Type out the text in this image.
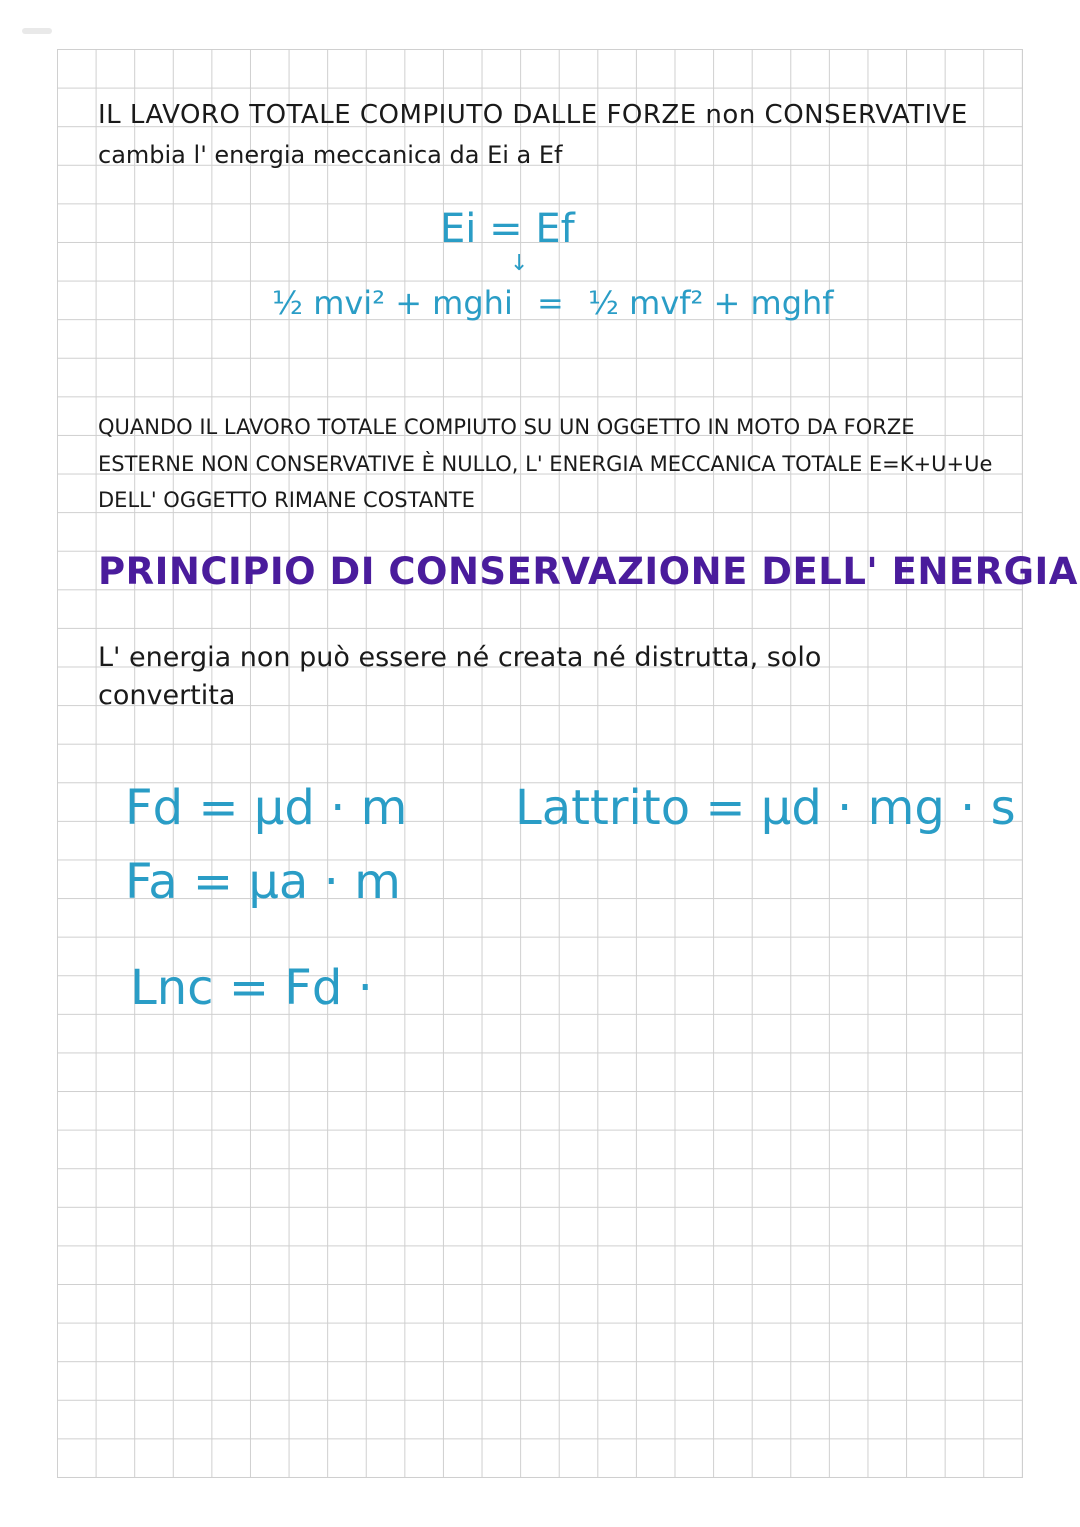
IL LAVORO TOTALE COMPIUTO DALLE FORZE non CONSERVATIVE
cambia l' energia meccanica da Ei a Ef
Ei = Ef
↓
½ mvi² + mghi = ½ mvf² + mghf
QUANDO IL LAVORO TOTALE COMPIUTO SU UN OGGETTO IN MOTO DA FORZE
ESTERNE NON CONSERVATIVE È NULLO, L' ENERGIA MECCANICA TOTALE E=K+U+Ue
DELL' OGGETTO RIMANE COSTANTE
PRINCIPIO DI CONSERVAZIONE DELL' ENERGIA
L' energia non può essere né creata né distrutta, solo
convertita
Fd = μd · m
Fa = μa · m
Lattrito = μd · mg · s
Lnc = Fd ·
